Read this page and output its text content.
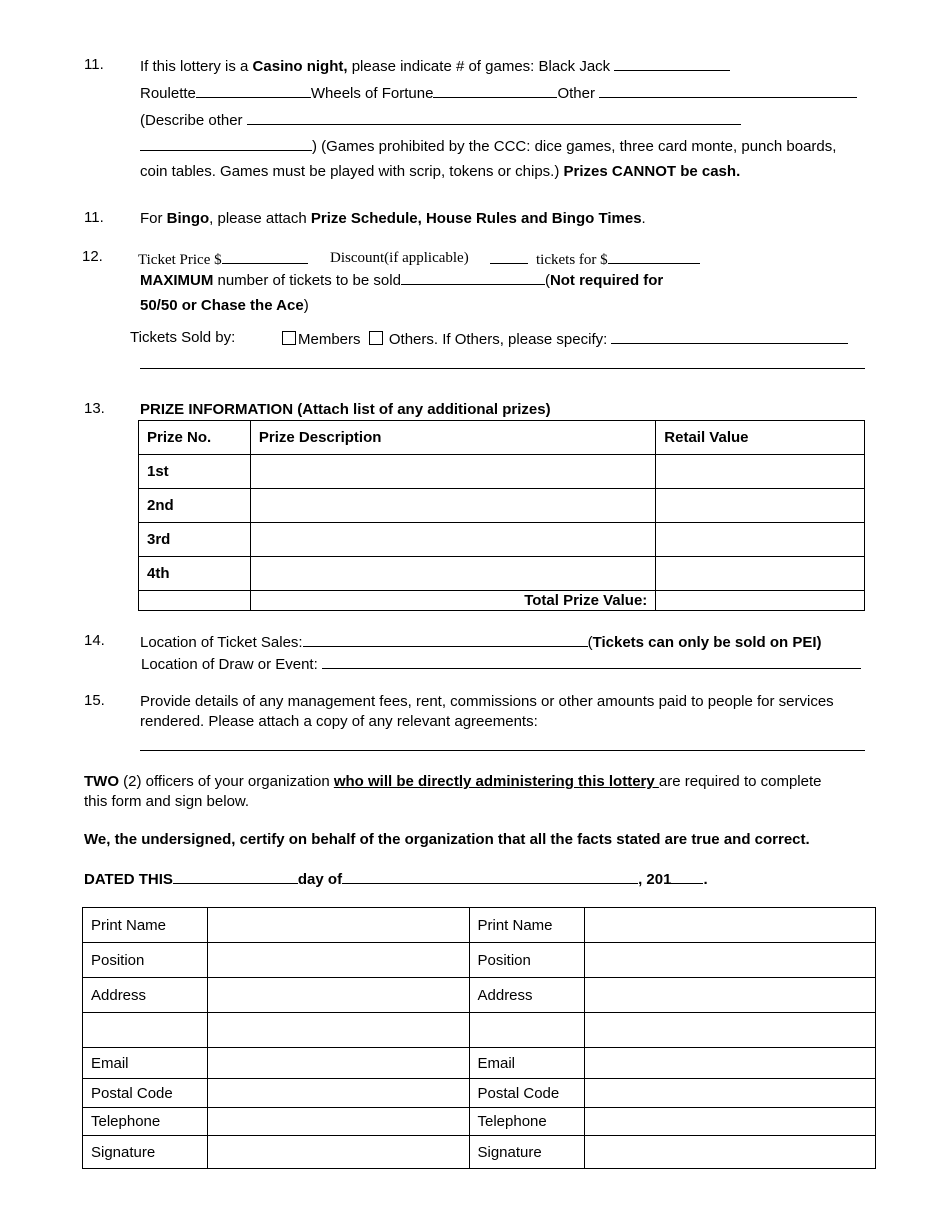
11. If this lottery is a Casino night, please indicate # of games: Black Jack
Roulette	Wheels of Fortune	Other
(Describe other
) (Games prohibited by the CCC: dice games, three card monte, punch boards,
coin tables. Games must be played with scrip, tokens or chips.) Prizes CANNOT be cash.
11. For Bingo, please attach Prize Schedule, House Rules and Bingo Times.
12. Ticket Price $	Discount(if applicable)	tickets for $
MAXIMUM number of tickets to be sold	(Not required for
50/50 or Chase the Ace)
Tickets Sold by:	Members  Others. If Others, please specify:
13. PRIZE INFORMATION (Attach list of any additional prizes)
Prize No.	Prize Description	Retail Value
1st		
2nd		
3rd		
4th		
	Total Prize Value:	
14. Location of Ticket Sales:	(Tickets can only be sold on PEI)
Location of Draw or Event:
15. Provide details of any management fees, rent, commissions or other amounts paid to people for services
rendered. Please attach a copy of any relevant agreements:
TWO (2) officers of your organization who will be directly administering this lottery are required to complete
this form and sign below.
We, the undersigned, certify on behalf of the organization that all the facts stated are true and correct.
DATED THIS	day of	, 201 .
Print Name		Print Name	
Position		Position	
Address		Address	

Email		Email	
Postal Code		Postal Code	
Telephone		Telephone	
Signature		Signature	
